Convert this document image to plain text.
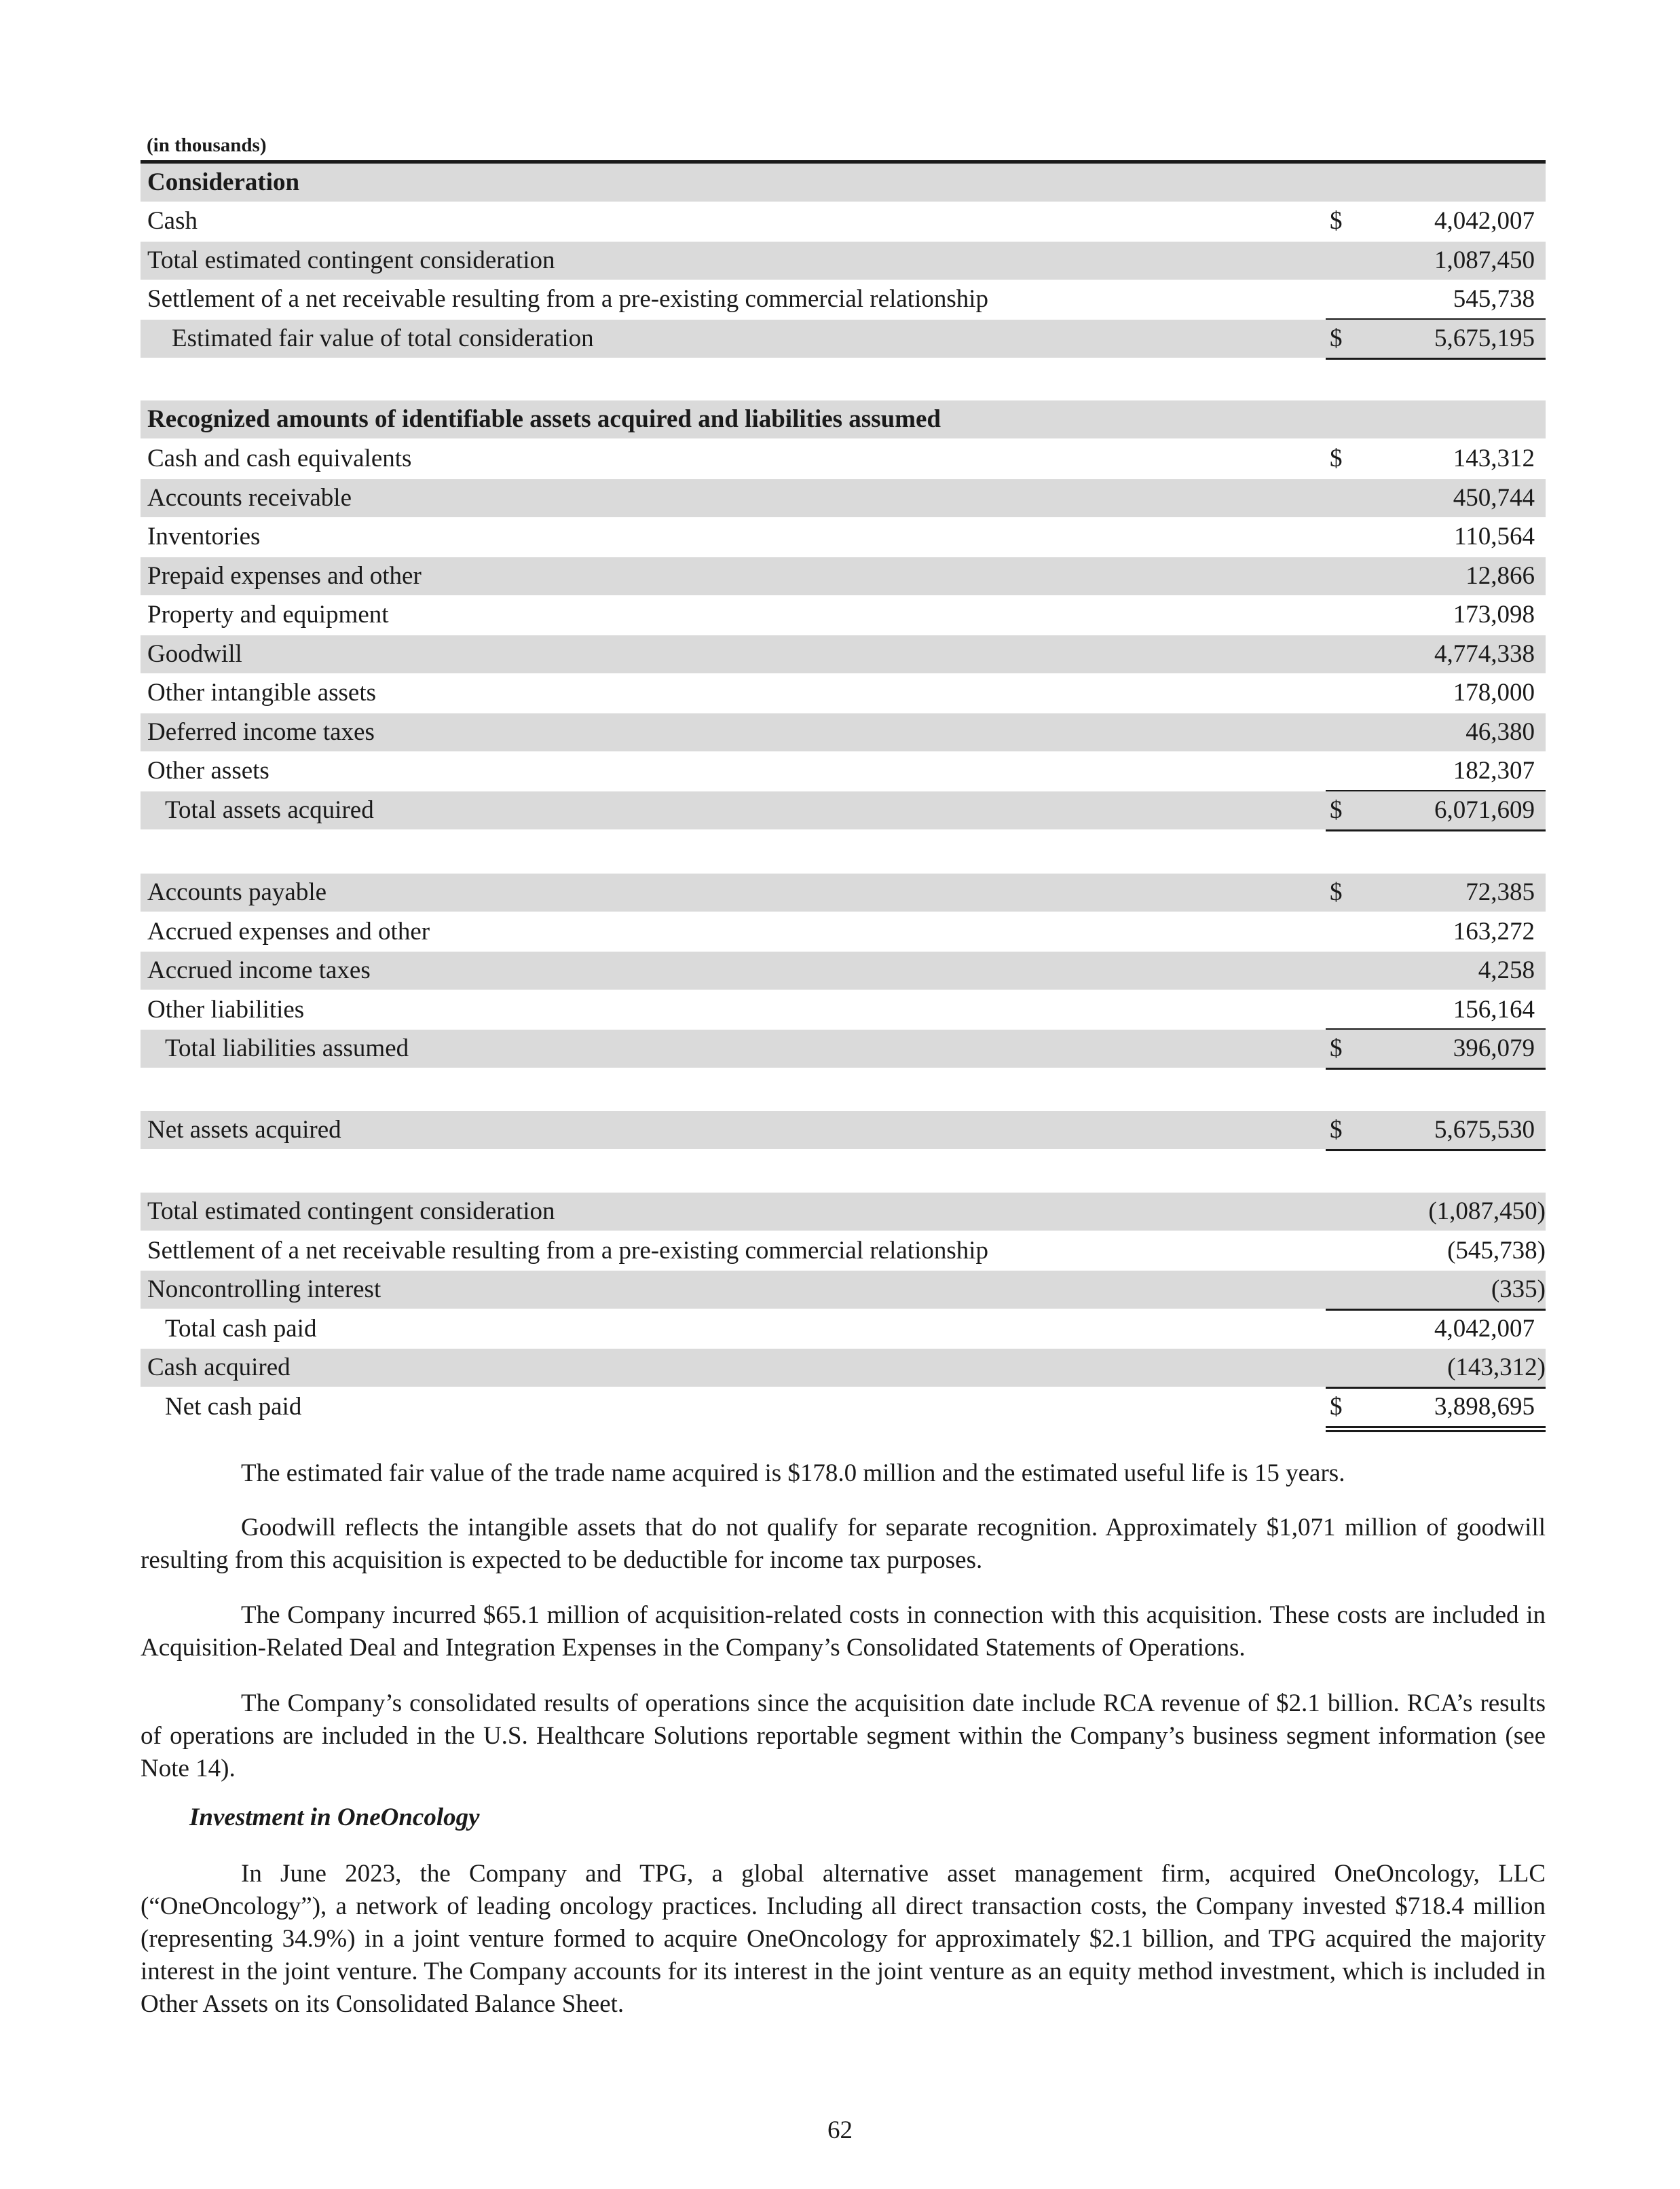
(in thousands)
Consideration
Cash	$	4,042,007
Total estimated contingent consideration	1,087,450
Settlement of a net receivable resulting from a pre-existing commercial relationship	545,738
Estimated fair value of total consideration	$	5,675,195
Recognized amounts of identifiable assets acquired and liabilities assumed
Cash and cash equivalents	$	143,312
Accounts receivable	450,744
Inventories	110,564
Prepaid expenses and other	12,866
Property and equipment	173,098
Goodwill	4,774,338
Other intangible assets	178,000
Deferred income taxes	46,380
Other assets	182,307
Total assets acquired	$	6,071,609
Accounts payable	$	72,385
Accrued expenses and other	163,272
Accrued income taxes	4,258
Other liabilities	156,164
Total liabilities assumed	$	396,079
Net assets acquired	$	5,675,530
Total estimated contingent consideration	(1,087,450)
Settlement of a net receivable resulting from a pre-existing commercial relationship	(545,738)
Noncontrolling interest	(335)
Total cash paid	4,042,007
Cash acquired	(143,312)
Net cash paid	$	3,898,695

The estimated fair value of the trade name acquired is $178.0 million and the estimated useful life is 15 years.

Goodwill reflects the intangible assets that do not qualify for separate recognition. Approximately $1,071 million of goodwill resulting from this acquisition is expected to be deductible for income tax purposes.

The Company incurred $65.1 million of acquisition-related costs in connection with this acquisition. These costs are included in Acquisition-Related Deal and Integration Expenses in the Company’s Consolidated Statements of Operations.

The Company’s consolidated results of operations since the acquisition date include RCA revenue of $2.1 billion. RCA’s results of operations are included in the U.S. Healthcare Solutions reportable segment within the Company’s business segment information (see Note 14).

Investment in OneOncology

In June 2023, the Company and TPG, a global alternative asset management firm, acquired OneOncology, LLC (“OneOncology”), a network of leading oncology practices. Including all direct transaction costs, the Company invested $718.4 million (representing 34.9%) in a joint venture formed to acquire OneOncology for approximately $2.1 billion, and TPG acquired the majority interest in the joint venture. The Company accounts for its interest in the joint venture as an equity method investment, which is included in Other Assets on its Consolidated Balance Sheet.

62
